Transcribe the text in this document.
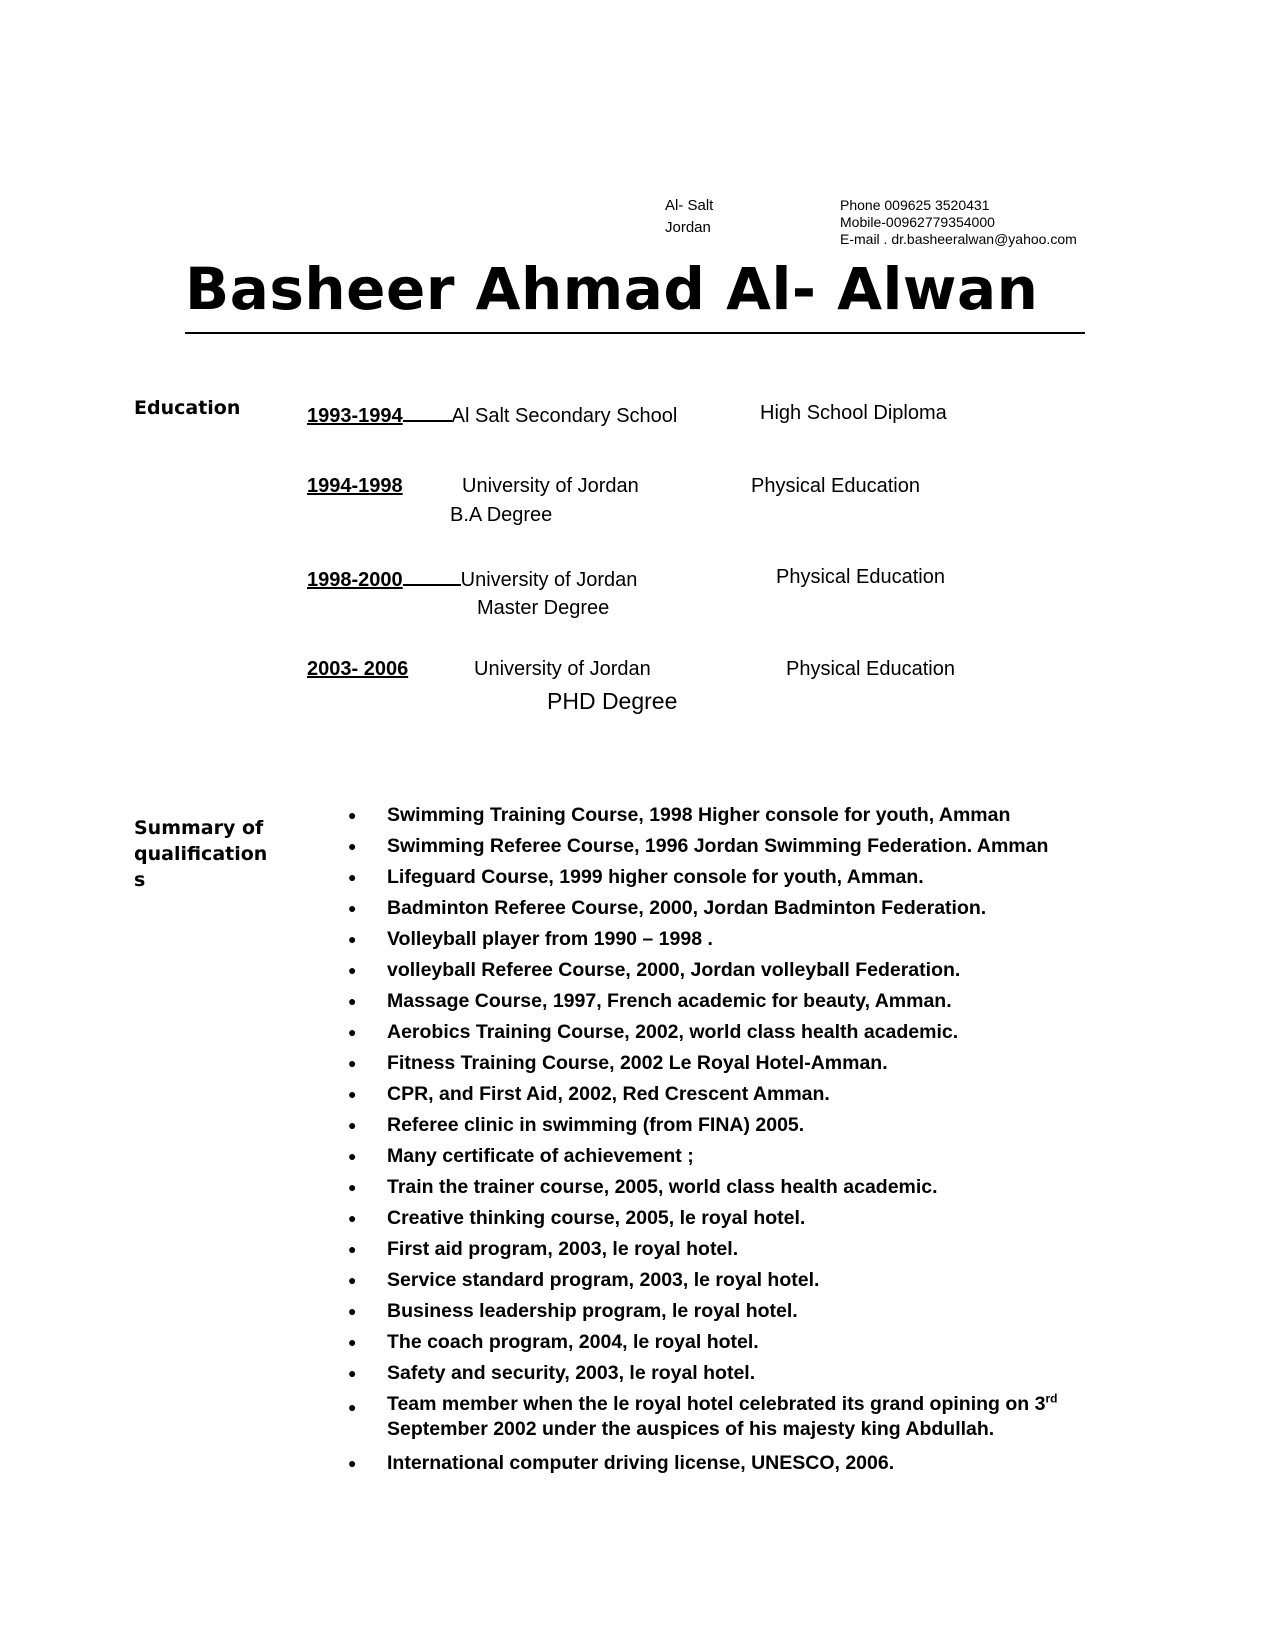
Al- Salt
Jordan
Phone 009625 3520431
Mobile-00962779354000
E-mail . dr.basheeralwan@yahoo.com
Basheer Ahmad Al- Alwan
Education	1993-1994 Al Salt Secondary School	High School Diploma
1994-1998	University of Jordan	Physical Education
B.A Degree
1998-2000	University of Jordan	Physical Education
Master Degree
2003- 2006	University of Jordan	Physical Education
PHD Degree
Summary of
qualification
s
● Swimming Training Course, 1998 Higher console for youth, Amman
● Swimming Referee Course, 1996 Jordan Swimming Federation. Amman
● Lifeguard Course, 1999 higher console for youth, Amman.
● Badminton Referee Course, 2000, Jordan Badminton Federation.
● Volleyball player from 1990 – 1998 .
● volleyball Referee Course, 2000, Jordan volleyball Federation.
● Massage Course, 1997, French academic for beauty, Amman.
● Aerobics Training Course, 2002, world class health academic.
● Fitness Training Course, 2002 Le Royal Hotel-Amman.
● CPR, and First Aid, 2002, Red Crescent Amman.
● Referee clinic in swimming (from FINA) 2005.
● Many certificate of achievement ;
● Train the trainer course, 2005, world class health academic.
● Creative thinking course, 2005, le royal hotel.
● First aid program, 2003, le royal hotel.
● Service standard program, 2003, le royal hotel.
● Business leadership program, le royal hotel.
● The coach program, 2004, le royal hotel.
● Safety and security, 2003, le royal hotel.
● Team member when the le royal hotel celebrated its grand opining on 3rd
September 2002 under the auspices of his majesty king Abdullah.
● International computer driving license, UNESCO, 2006.
